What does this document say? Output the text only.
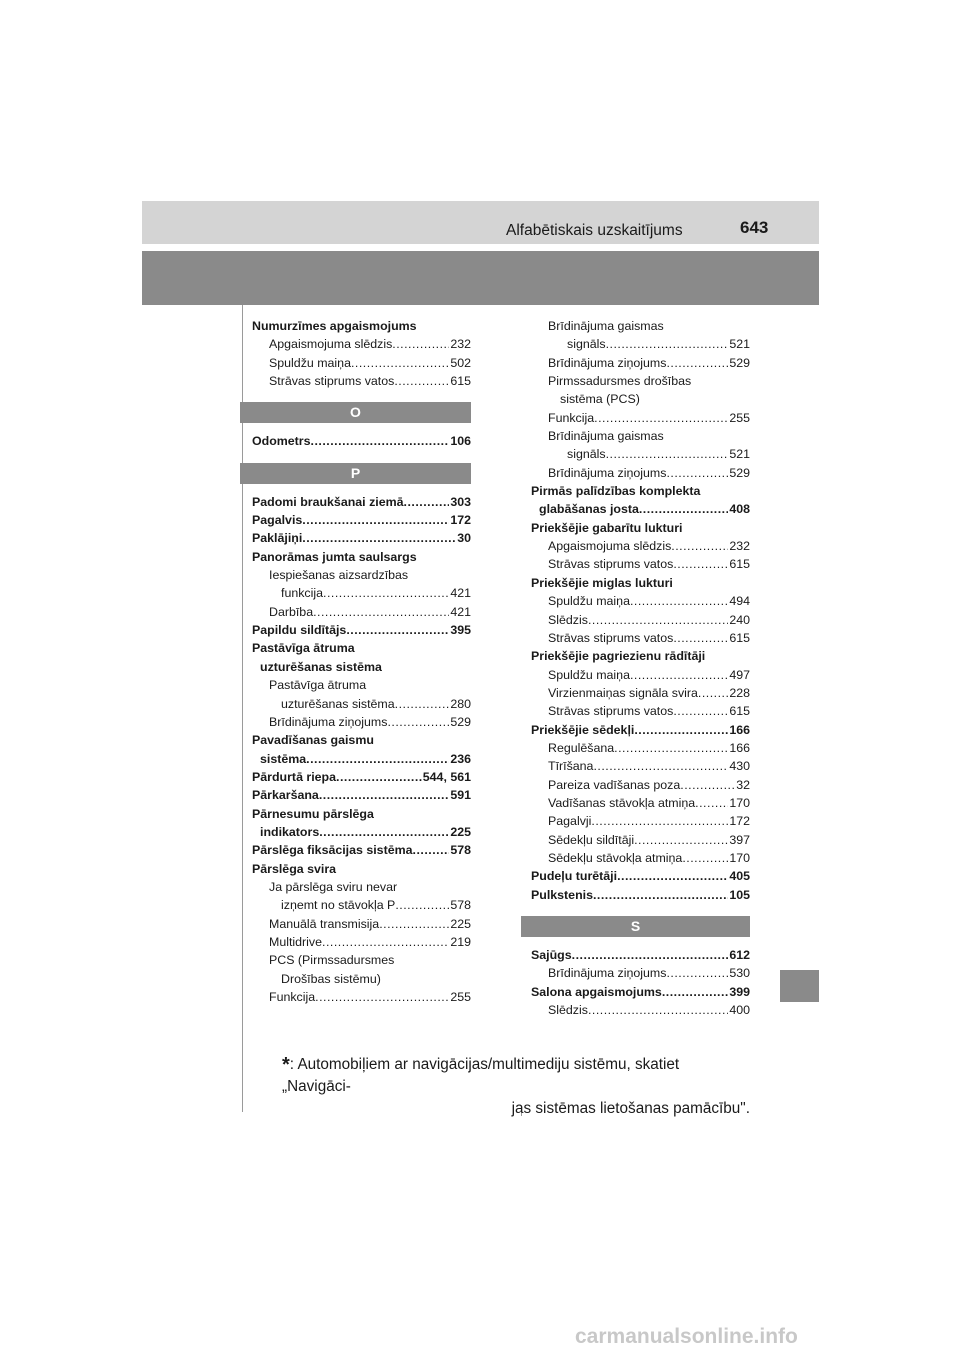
Alfabētiskais uzskaitījums	643
Numurzīmes apgaismojums
Apgaismojuma slēdzis .....	232
Spuldžu maiņa .....	502
Strāvas stiprums vatos .....	615
O
Odometrs .....	106
P
Padomi braukšanai ziemā .....	303
Pagalvis .....	172
Paklājiņi .....	30
Panorāmas jumta saulsargs
Iespiešanas aizsardzības
funkcija .....	421
Darbība .....	421
Papildu sildītājs .....	395
Pastāvīga ātruma
uzturēšanas sistēma
Pastāvīga ātruma
uzturēšanas sistēma .....	280
Brīdinājuma ziņojums .....	529
Pavadīšanas gaismu
sistēma .....	236
Pārdurtā riepa .....	544, 561
Pārkaršana .....	591
Pārnesumu pārslēga
indikators .....	225
Pārslēga fiksācijas sistēma .....	578
Pārslēga svira
Ja pārslēga sviru nevar
izņemt no stāvokļa P .....	578
Manuālā transmisija .....	225
Multidrive .....	219
PCS (Pirmssadursmes
Drošības sistēmu)
Funkcija .....	255
Brīdinājuma gaismas
signāls .....	521
Brīdinājuma ziņojums .....	529
Pirmssadursmes drošības
sistēma (PCS)
Funkcija .....	255
Brīdinājuma gaismas
signāls .....	521
Brīdinājuma ziņojums .....	529
Pirmās palīdzības komplekta
glabāšanas josta .....	408
Priekšējie gabarītu lukturi
Apgaismojuma slēdzis .....	232
Strāvas stiprums vatos .....	615
Priekšējie miglas lukturi
Spuldžu maiņa .....	494
Slēdzis .....	240
Strāvas stiprums vatos .....	615
Priekšējie pagriezienu rādītāji
Spuldžu maiņa .....	497
Virzienmaiņas signāla svira .....	228
Strāvas stiprums vatos .....	615
Priekšējie sēdekļi .....	166
Regulēšana .....	166
Tīrīšana .....	430
Pareiza vadīšanas poza .....	32
Vadīšanas stāvokļa atmiņa .....	170
Pagalvji .....	172
Sēdekļu sildītāji .....	397
Sēdekļu stāvokļa atmiņa .....	170
Pudeļu turētāji .....	405
Pulkstenis .....	105
S
Sajūgs .....	612
Brīdinājuma ziņojums .....	530
Salona apgaismojums .....	399
Slēdzis .....	400
*: Automobiļiem ar navigācijas/multimediju sistēmu, skatiet „Navigāci-
jas sistēmas lietošanas pamācību".
carmanualsonline.info
